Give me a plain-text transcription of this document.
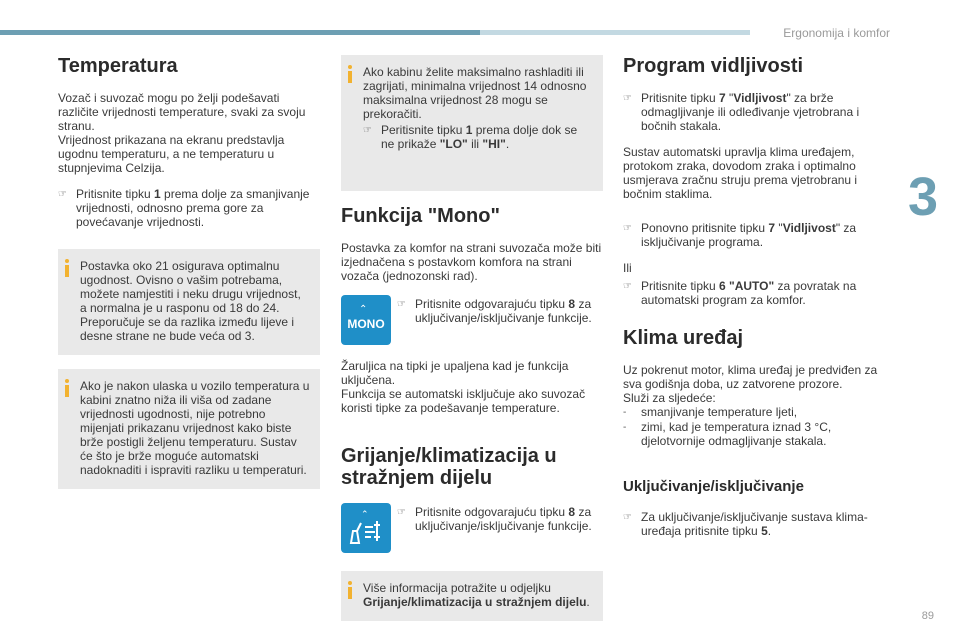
Ergonomija i komfor
3
89
Temperatura

Vozač i suvozač mogu po želji podešavati različite vrijednosti temperature, svaki za svoju stranu.
Vrijednost prikazana na ekranu predstavlja ugodnu temperaturu, a ne temperaturu u stupnjevima Celzija.

☞ Pritisnite tipku 1 prema dolje za smanjivanje vrijednosti, odnosno prema gore za povećavanje vrijednosti.

Postavka oko 21 osigurava optimalnu ugodnost. Ovisno o vašim potrebama, možete namjestiti i neku drugu vrijednost, a normalna je u rasponu od 18 do 24.
Preporučuje se da razlika između lijeve i desne strane ne bude veća od 3.

Ako je nakon ulaska u vozilo temperatura u kabini znatno niža ili viša od zadane vrijednosti ugodnosti, nije potrebno mijenjati prikazanu vrijednost kako biste brže postigli željenu temperaturu. Sustav će što je brže moguće automatski nadoknaditi i ispraviti razliku u temperaturi.

Ako kabinu želite maksimalno rashladiti ili zagrijati, minimalna vrijednost 14 odnosno maksimalna vrijednost 28 mogu se prekoračiti.

☞ Peritisnite tipku 1 prema dolje dok se ne prikaže "LO" ili "HI".
Funkcija "Mono"

Postavka za komfor na strani suvozača može biti izjednačena s postavkom komfora na strani vozača (jednozonski rad).

⌃
MONO
☞ Pritisnite odgovarajuću tipku 8 za uključivanje/isključivanje funkcije.

Žaruljica na tipki je upaljena kad je funkcija uključena.
Funkcija se automatski isključuje ako suvozač koristi tipke za podešavanje temperature.

Grijanje/klimatizacija u stražnjem dijelu
⌃	☞ Pritisnite odgovarajuću tipku 8 za uključivanje/isključivanje funkcije.

Više informacija potražite u odjeljku Grijanje/klimatizacija u stražnjem dijelu.

Program vidljivosti
☞ Pritisnite tipku 7 "Vidljivost" za brže odmagljivanje ili odleđivanje vjetrobrana i bočnih stakala.

Sustav automatski upravlja klima uređajem, protokom zraka, dovodom zraka i optimalno usmjerava zračnu struju prema vjetrobranu i bočnim staklima.

☞ Ponovno pritisnite tipku 7 "Vidljivost" za isključivanje programa.

Ili

☞ Pritisnite tipku 6 "AUTO" za povratak na automatski program za komfor.
Klima uređaj

Uz pokrenut motor, klima uređaj je predviđen za sva godišnja doba, uz zatvorene prozore.
Služi za sljedeće:

-	smanjivanje temperature ljeti,
-	zimi, kad je temperatura iznad 3 °C, djelotvornije odmagljivanje stakala.
Uključivanje/isključivanje
☞ Za uključivanje/isključivanje sustava klima-uređaja pritisnite tipku 5.
